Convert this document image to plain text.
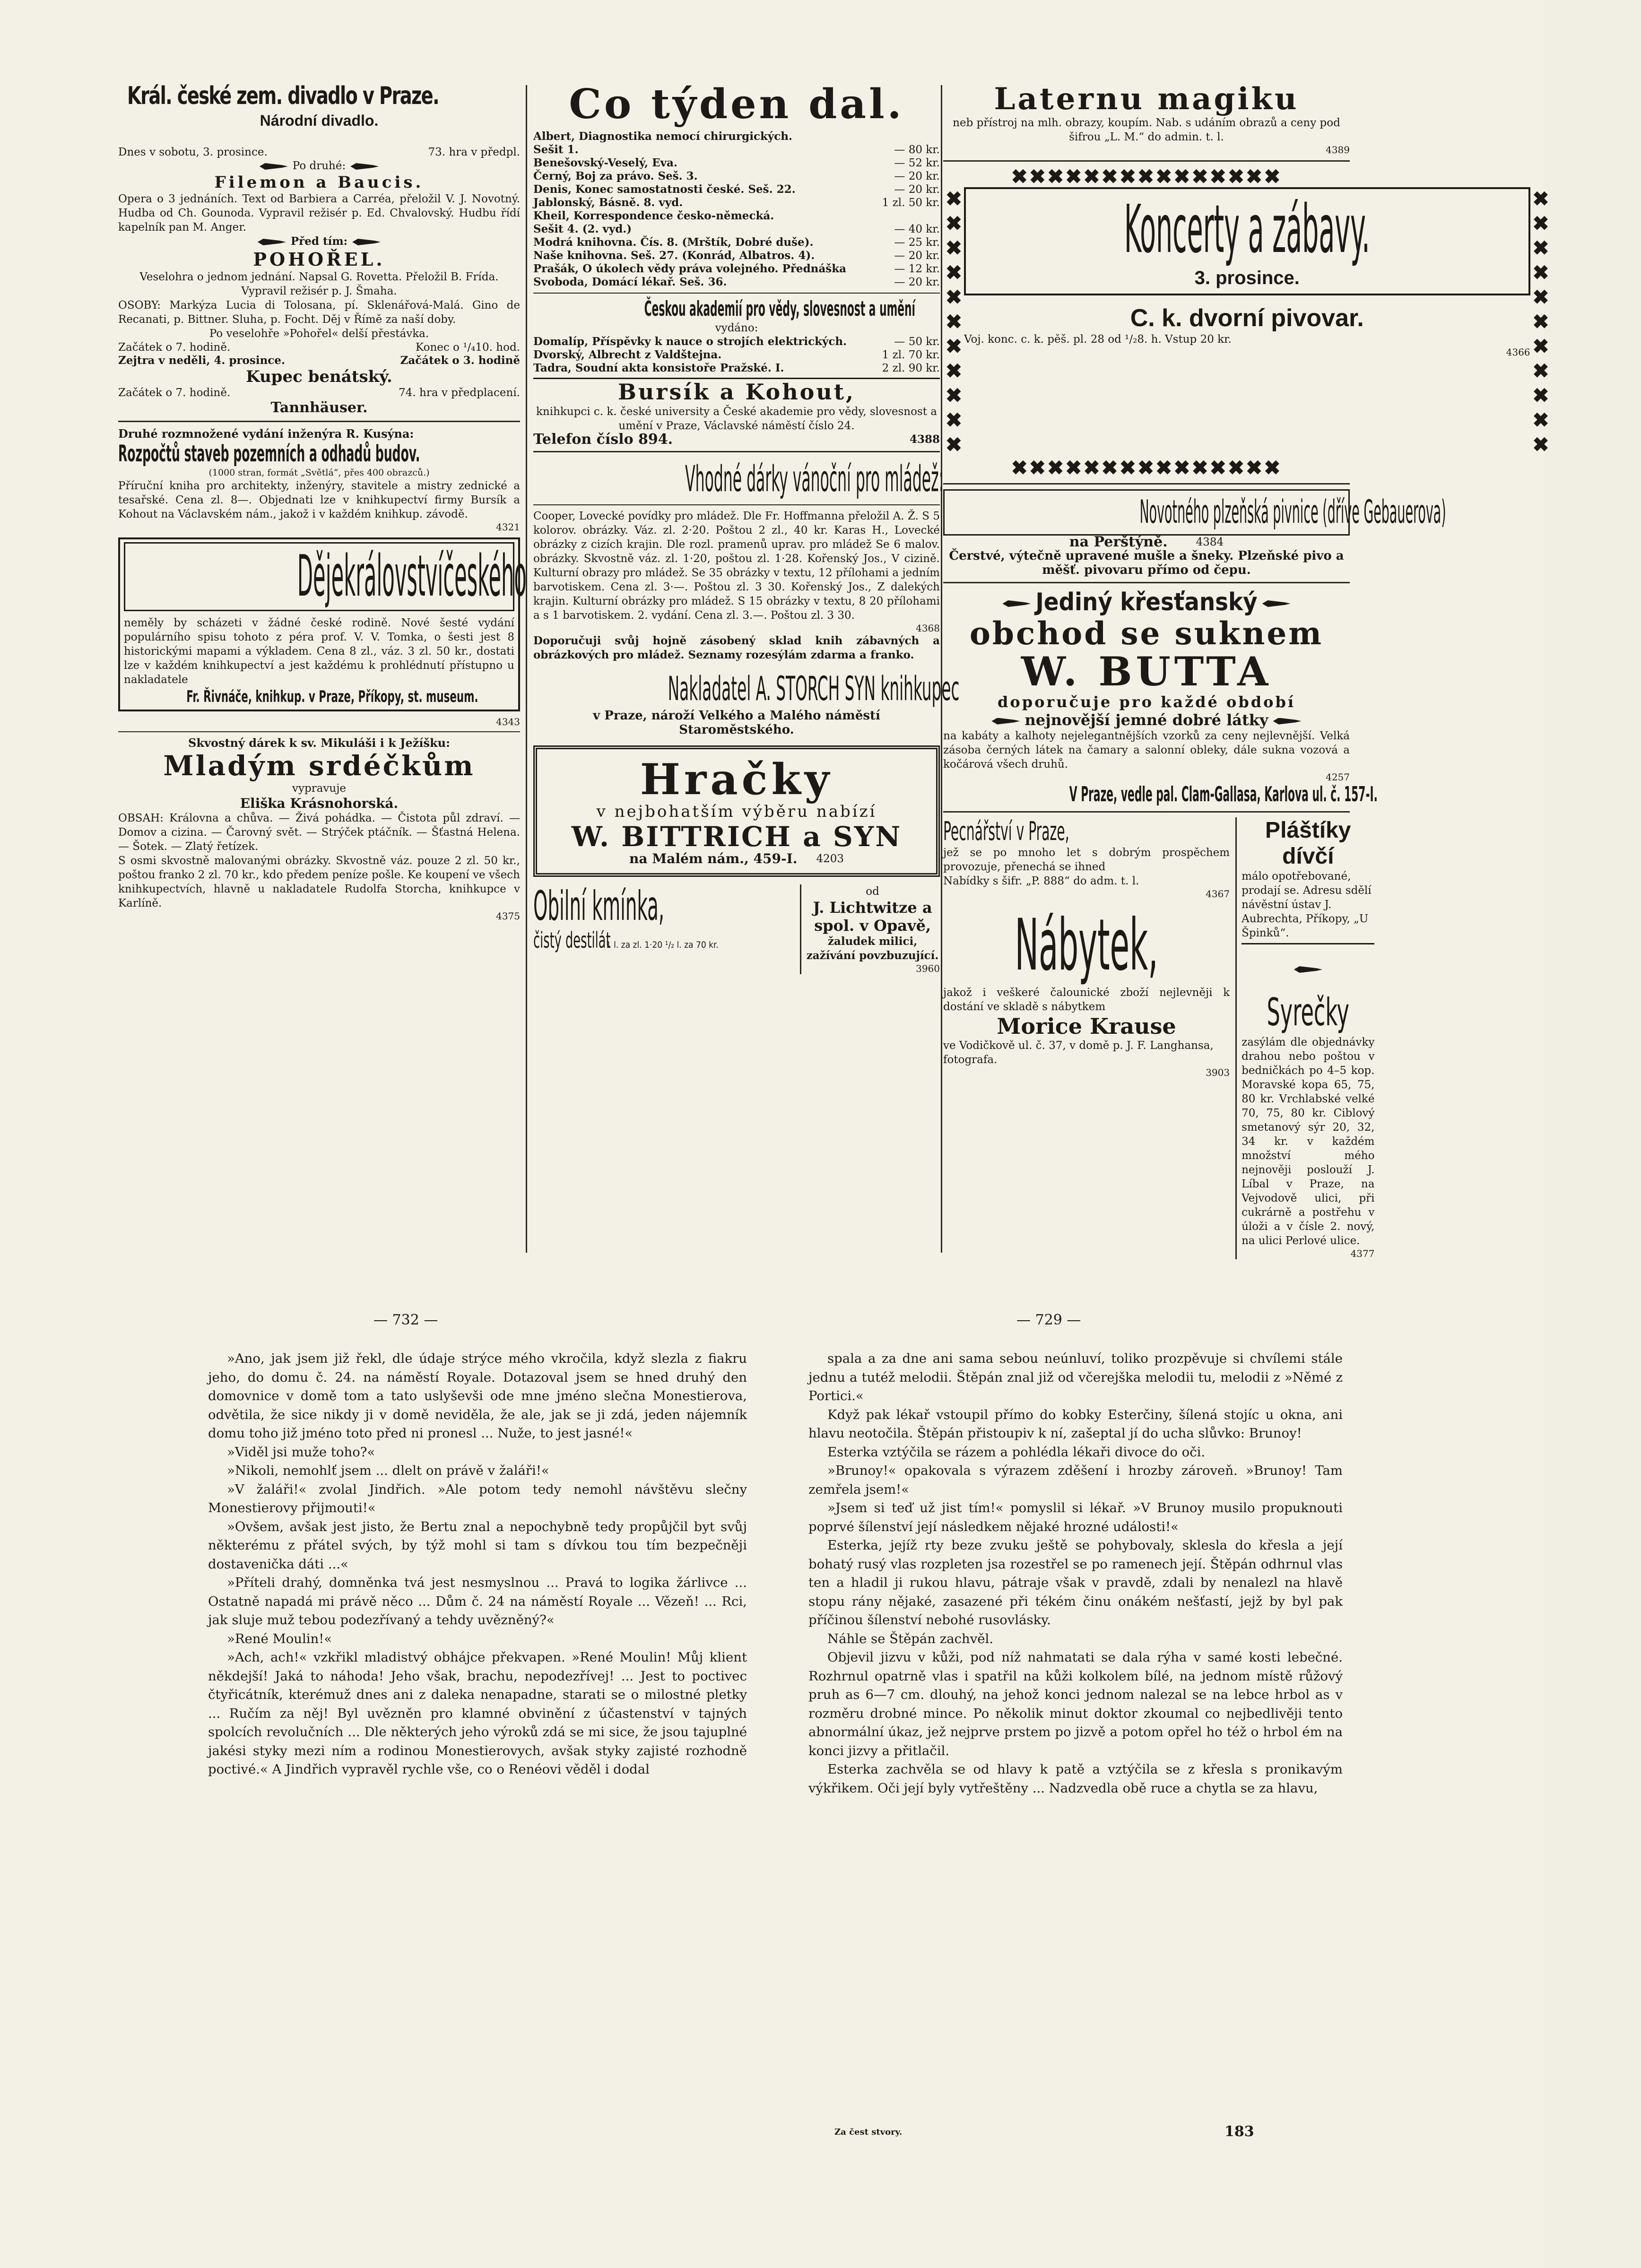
Král. české zem. divadlo v Praze.
Národní divadlo.
Dnes v sobotu, 3. prosince.	73. hra v předpl.
Po druhé:
Filemon a Baucis.
Opera o 3 jednáních. Text od Barbiera a Carréa, přeložil V. J. Novotný. Hudba od Ch. Gounoda. Vypravil režisér p. Ed. Chvalovský. Hudbu řídí kapelník pan M. Anger.
Před tím:
POHOŘEL.
Veselohra o jednom jednání. Napsal G. Rovetta. Přeložil B. Frída. Vypravil režisér p. J. Šmaha.
OSOBY: Markýza Lucia di Tolosana, pí. Sklenářová-Malá. Gino de Recanati, p. Bittner. Sluha, p. Focht. Děj v Římě za naší doby.
Po veselohře »Pohořel« delší přestávka.
Začátek o 7. hodině.	Konec o ¹/₄10. hod.
Zejtra v neděli, 4. prosince.	Začátek o 3. hodině
Kupec benátský.
Začátek o 7. hodině.	74. hra v předplacení.
Tannhäuser.
Druhé rozmnožené vydání inženýra R. Kusýna:
Rozpočtů staveb pozemních a odhadů budov.
(1000 stran, formát „Světlá“, přes 400 obrazců.)
Příruční kniha pro architekty, inženýry, stavitele a mistry zednické a tesařské. Cena zl. 8—. Objednati lze v knihkupectví firmy Bursík a Kohout na Václavském nám., jakož i v každém knihkup. závodě.
4321
Dějekrálovstvíčeského
neměly by scházeti v žádné české rodině. Nové šesté vydání populárního spisu tohoto z péra prof. V. V. Tomka, o šesti jest 8 historickými mapami a výkladem. Cena 8 zl., váz. 3 zl. 50 kr., dostati lze v každém knihkupectví a jest každému k prohlédnutí přístupno u nakladatele
Fr. Řivnáče, knihkup. v Praze, Příkopy, st. museum.
4343
Skvostný dárek k sv. Mikuláši i k Ježíšku:
Mladým srdéčkům
vypravuje
Eliška Krásnohorská.
OBSAH: Královna a chůva. — Živá pohádka. — Čistota půl zdraví. — Domov a cizina. — Čarovný svět. — Strýček ptáčník. — Šťastná Helena. — Šotek. — Zlatý řetízek.
S osmi skvostně malovanými obrázky. Skvostně váz. pouze 2 zl. 50 kr., poštou franko 2 zl. 70 kr., kdo předem peníze pošle. Ke koupení ve všech knihkupectvích, hlavně u nakladatele Rudolfa Storcha, knihkupce v Karlíně.
4375
Co týden dal.
Albert, Diagnostika nemocí chirurgických.
Sešit 1.	— 80 kr.
Benešovský-Veselý, Eva.	— 52 kr.
Černý, Boj za právo. Seš. 3.	— 20 kr.
Denis, Konec samostatnosti české. Seš. 22.	— 20 kr.
Jablonský, Básně. 8. vyd.	1 zl. 50 kr.
Kheil, Korrespondence česko-německá.
Sešit 4. (2. vyd.)	— 40 kr.
Modrá knihovna. Čís. 8. (Mrštík, Dobré duše).	— 25 kr.
Naše knihovna. Seš. 27. (Konrád, Albatros. 4).	— 20 kr.
Prašák, O úkolech vědy práva volejného. Přednáška	— 12 kr.
Svoboda, Domácí lékař. Seš. 36.	— 20 kr.
Českou akademií pro vědy, slovesnost a umění
vydáno:
Domalíp, Příspěvky k nauce o strojích elektrických.	— 50 kr.
Dvorský, Albrecht z Valdštejna.	1 zl. 70 kr.
Tadra, Soudní akta konsistoře Pražské. I.	2 zl. 90 kr.
Bursík a Kohout,
knihkupci c. k. české university a České akademie pro vědy, slovesnost a umění v Praze, Václavské náměstí číslo 24.
Telefon číslo 894.	4388
Vhodné dárky vánoční pro mládež:
Cooper, Lovecké povídky pro mládež. Dle Fr. Hoffmanna přeložil A. Ž. S 5 kolorov. obrázky. Váz. zl. 2·20. Poštou 2 zl., 40 kr. Karas H., Lovecké obrázky z cizích krajin. Dle rozl. pramenů uprav. pro mládež Se 6 malov. obrázky. Skvostně váz. zl. 1·20, poštou zl. 1·28. Kořenský Jos., V cizině. Kulturní obrazy pro mládež. Se 35 obrázky v textu, 12 přílohami a jedním barvotiskem. Cena zl. 3·—. Poštou zl. 3 30. Kořenský Jos., Z dalekých krajin. Kulturní obrázky pro mládež. S 15 obrázky v textu, 8 20 přílohami a s 1 barvotiskem. 2. vydání. Cena zl. 3.—. Poštou zl. 3 30.
4368
Doporučuji svůj hojně zásobený sklad knih zábavných a obrázkových pro mládež. Seznamy rozesýlám zdarma a franko.
Nakladatel A. STORCH SYN knihkupec
v Praze, nároží Velkého a Malého náměstí Staroměstského.
Hračky
v nejbohatším výběru nabízí
W. BITTRICH a SYN
na Malém nám., 459-I. 4203
Obilní kmínka,
čistý destilát1 l. za zl. 1·20 ¹/₂ l. za 70 kr.
od
J. Lichtwitze a spol. v Opavě,
žaludek milici, zažívání povzbuzující.
3960
Laternu magiku
neb přístroj na mlh. obrazy, koupím. Nab. s udáním obrazů a ceny pod šifrou „L. M.“ do admin. t. l.
4389
✖✖✖✖✖✖✖✖✖✖✖✖✖✖✖
✖✖✖✖✖✖✖✖✖✖✖	Koncerty a zábavy.
3. prosince.
C. k. dvorní pivovar.
Voj. konc. c. k. pěš. pl. 28 od ¹/₂8. h. Vstup 20 kr.
4366
✖✖✖✖✖✖✖✖✖✖✖
✖✖✖✖✖✖✖✖✖✖✖✖✖✖✖
Novotného plzeňská pivnice (dříve Gebauerova)
na Perštýně.	4384
Čerstvé, výtečně upravené mušle a šneky. Plzeňské pivo a měšť. pivovaru přímo od čepu.
Jediný křesťanský
obchod se suknem
W. BUTTA
doporučuje pro každé období
nejnovější jemné dobré látky
na kabáty a kalhoty nejelegantnějších vzorků za ceny nejlevnější. Velká zásoba černých látek na čamary a salonní obleky, dále sukna vozová a kočárová všech druhů.
4257
V Praze, vedle pal. Clam-Gallasa, Karlova ul. č. 157-I.
Pecnářství v Praze,
jež se po mnoho let s dobrým prospěchem provozuje, přenechá se ihned
Nabídky s šifr. „P. 888“ do adm. t. l.
4367
Nábytek,
jakož i veškeré čalounické zboží nejlevněji k dostání ve skladě s nábytkem
Morice Krause
ve Vodičkově ul. č. 37, v domě p. J. F. Langhansa, fotografa.
3903
Pláštíky dívčí
málo opotřebované, prodají se. Adresu sdělí návěstní ústav J. Aubrechta, Příkopy, „U Špinků“.
Syrečky
zasýlám dle objednávky drahou nebo poštou v bedničkách po 4–5 kop. Moravské kopa 65, 75, 80 kr. Vrchlabské velké 70, 75, 80 kr. Ciblový smetanový sýr 20, 32, 34 kr. v každém množství mého nejnověji poslouží J. Líbal v Praze, na Vejvodově ulici, při cukrárně a postřehu v úloži a v čísle 2. nový, na ulici Perlové ulice.
4377
— 732 —	— 729 —

»Ano, jak jsem již řekl, dle údaje strýce mého vkročila, když slezla z fiakru jeho, do domu č. 24. na náměstí Royale. Dotazoval jsem se hned druhý den domovnice v domě tom a tato uslyševši ode mne jméno slečna Monestierova, odvětila, že sice nikdy ji v domě neviděla, že ale, jak se ji zdá, jeden nájemník domu toho již jméno toto před ni pronesl ... Nuže, to jest jasné!«

»Viděl jsi muže toho?«

»Nikoli, nemohlť jsem ... dlelt on právě v žaláři!«

»V žaláři!« zvolal Jindřich. »Ale potom tedy nemohl návštěvu slečny Monestierovy přijmouti!«

»Ovšem, avšak jest jisto, že Bertu znal a nepochybně tedy propůjčil byt svůj některému z přátel svých, by týž mohl si tam s dívkou tou tím bezpečněji dostavenička dáti ...«

»Příteli drahý, domněnka tvá jest nesmyslnou ... Pravá to logika žárlivce ... Ostatně napadá mi právě něco ... Dům č. 24 na náměstí Royale ... Vězeň! ... Rci, jak sluje muž tebou podezřívaný a tehdy uvězněný?«

»René Moulin!«

»Ach, ach!« vzkřikl mladistvý obhájce překvapen. »René Moulin! Můj klient někdejší! Jaká to náhoda! Jeho však, brachu, nepodezřívej! ... Jest to poctivec čtyřicátník, kterémuž dnes ani z daleka nenapadne, starati se o milostné pletky ... Ručím za něj! Byl uvězněn pro klamné obvinění z účastenství v tajných spolcích revolučních ... Dle některých jeho výroků zdá se mi sice, že jsou tajuplné jakési styky mezi ním a rodinou Monestierovych, avšak styky zajisté rozhodně poctivé.« A Jindřich vypravěl rychle vše, co o Renéovi věděl i dodal

spala a za dne ani sama sebou neúnluví, toliko prozpěvuje si chvílemi stále jednu a tutéž melodii. Štěpán znal již od včerejška melodii tu, melodii z »Němé z Portici.«

Když pak lékař vstoupil přímo do kobky Esterčiny, šílená stojíc u okna, ani hlavu neotočila. Štěpán přistoupiv k ní, zašeptal jí do ucha slůvko: Brunoy!

Esterka vztýčila se rázem a pohlédla lékaři divoce do oči.

»Brunoy!« opakovala s výrazem zděšení i hrozby zároveň. »Brunoy! Tam zemřela jsem!«

»Jsem si teď už jist tím!« pomyslil si lékař. »V Brunoy musilo propuknouti poprvé šílenství její následkem nějaké hrozné události!«

Esterka, jejíž rty beze zvuku ještě se pohybovaly, sklesla do křesla a její bohatý rusý vlas rozpleten jsa rozestřel se po ramenech její. Štěpán odhrnul vlas ten a hladil ji rukou hlavu, pátraje však v pravdě, zdali by nenalezl na hlavě stopu rány nějaké, zasazené při tékém činu onákém nešťastí, jejž by byl pak příčinou šílenství nebohé rusovlásky.

Náhle se Štěpán zachvěl.

Objevil jizvu v kůži, pod níž nahmatati se dala rýha v samé kosti lebečné. Rozhrnul opatrně vlas i spatřil na kůži kolkolem bílé, na jednom místě růžový pruh as 6—7 cm. dlouhý, na jehož konci jednom nalezal se na lebce hrbol as v rozměru drobné mince. Po několik minut doktor zkoumal co nejbedlivěji tento abnormální úkaz, jež nejprve prstem po jizvě a potom opřel ho též o hrbol ém na konci jizvy a přitlačil.

Esterka zachvěla se od hlavy k patě a vztýčila se z křesla s pronikavým výkřikem. Oči její byly vytřeštěny ... Nadzvedla obě ruce a chytla se za hlavu,

Za čest stvory.	183
